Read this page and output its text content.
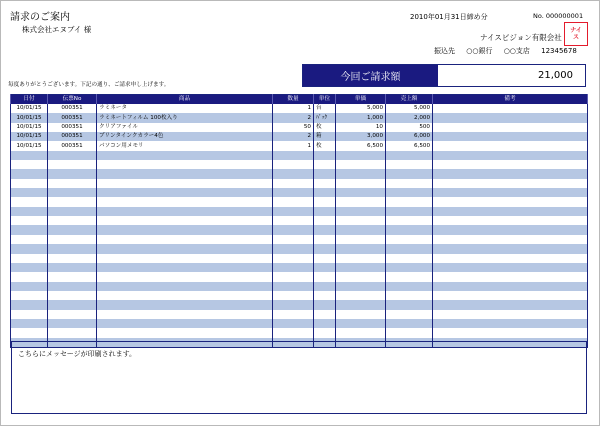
請求のご案内
株式会社エヌブイ 様
2010年01月31日締め分	No. 000000001
ナイスビジョン有限会社
振込先 ○○銀行 ○○支店 12345678
ナイ
ス
毎度ありがとうございます。下記の通り、ご請求申し上げます。
今回ご請求額	21,000
日付	伝票No	商品	数量	単位	単価	売上額	備考
10/01/15	000351	ラミネータ	1	台	5,000	5,000	
10/01/15	000351	ラミネートフィルム 100枚入り	2	ﾊﾟｯｸ	1,000	2,000	
10/01/15	000351	クリアファイル	50	枚	10	500	
10/01/15	000351	プリンタインクカラー4色	2	箱	3,000	6,000	
10/01/15	000351	パソコン用メモリ	1	枚	6,500	6,500	

こちらにメッセージが印刷されます。
